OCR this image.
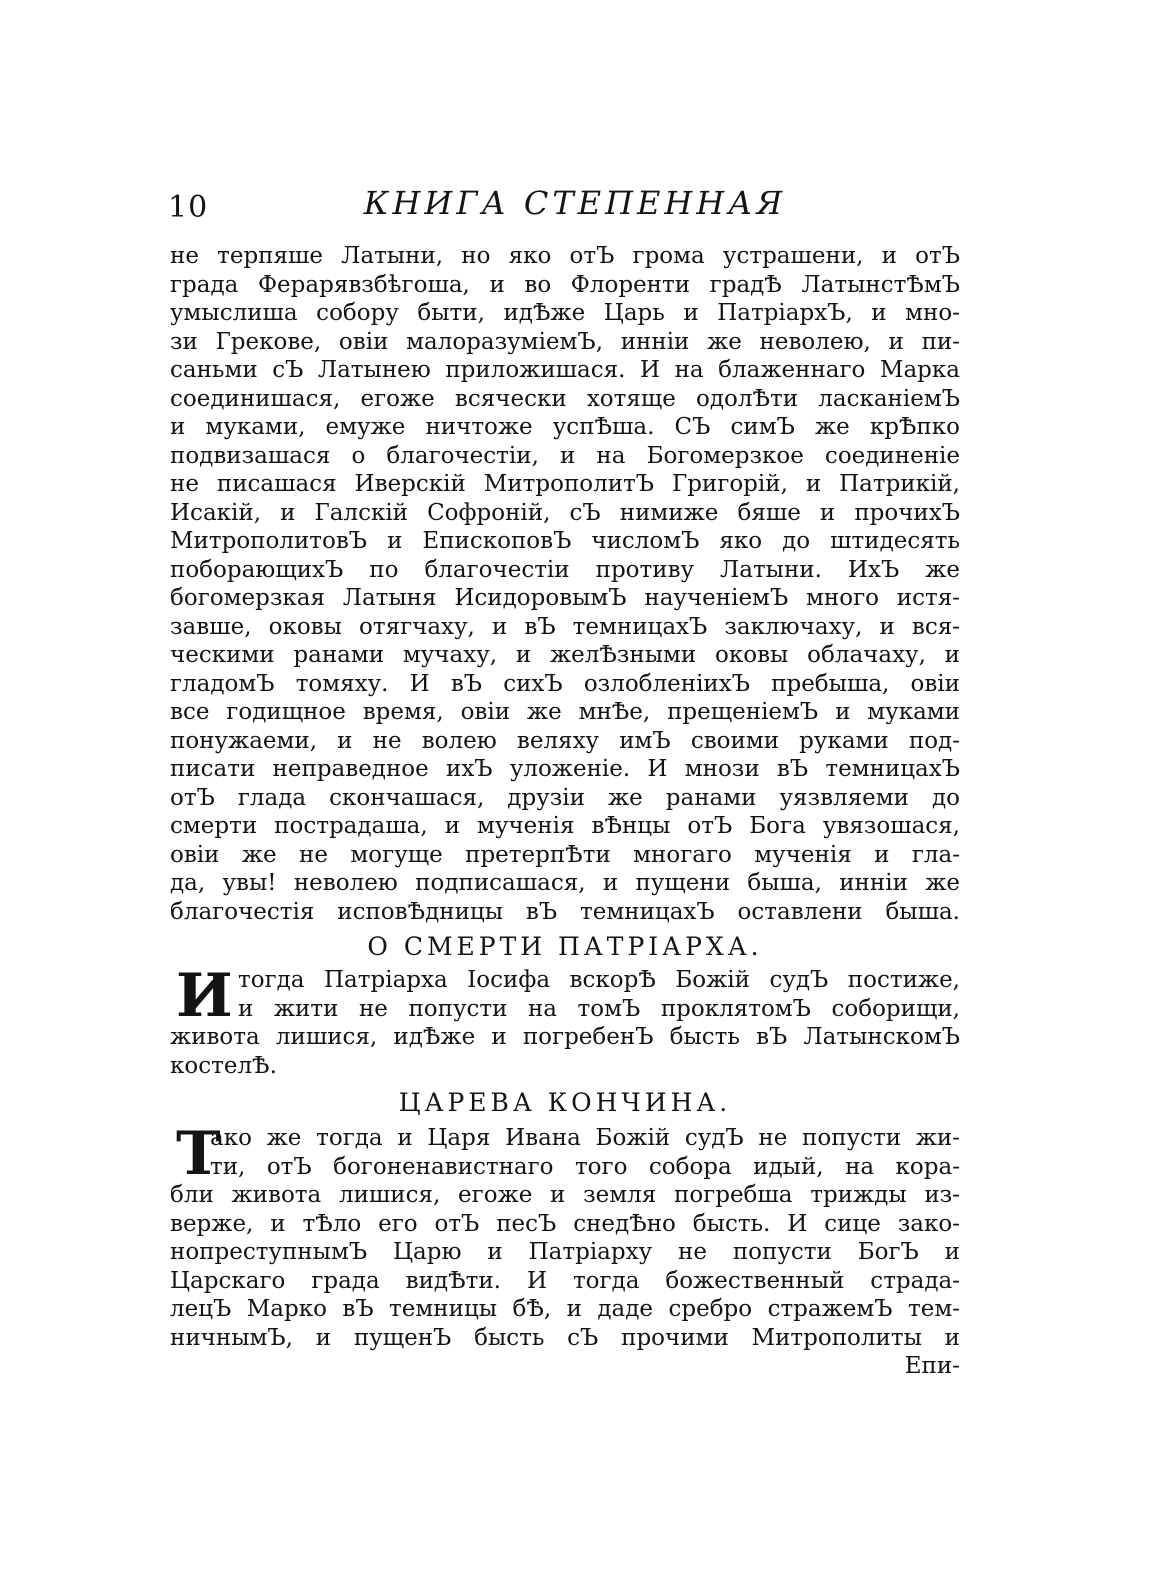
10	КНИГА СТЕПЕННАЯ
не терпяше Латыни, но яко отЪ грома устрашени, и отЪ
града Ферарявзбѣгоша, и во Флоренти градѢ ЛатынстѢмЪ
умыслиша собору быти, идѢже Царь и ПатрiархЪ, и мно-
зи Грекове, овiи малоразумiемЪ, иннiи же неволею, и пи-
саньми сЪ Латынею приложишася. И на блаженнаго Марка
соединишася, егоже всячески хотяще одолѢти ласканiемЪ
и муками, емуже ничтоже успѢша. СЪ симЪ же крѢпко
подвизашася о благочестiи, и на Богомерзкое соединенiе
не писашася Иверскiй МитрополитЪ Григорiй, и Патрикiй,
Исакiй, и Галскiй Софронiй, сЪ нимиже бяше и прочихЪ
МитрополитовЪ и ЕпископовЪ числомЪ яко до штидесять
поборающихЪ по благочестiи противу Латыни. ИхЪ же
богомерзкая Латыня ИсидоровымЪ наученiемЪ много истя-
завше, оковы отягчаху, и вЪ темницахЪ заключаху, и вся-
ческими ранами мучаху, и желѢзными оковы облачаху, и
гладомЪ томяху. И вЪ сихЪ озлобленiихЪ пребыша, овiи
все годищное время, овiи же мнѢе, прещенiемЪ и муками
понужаеми, и не волею веляху имЪ своими руками под-
писати неправедное ихЪ уложенiе. И мнози вЪ темницахЪ
отЪ глада скончашася, друзiи же ранами уязвляеми до
смерти пострадаша, и мученiя вѢнцы отЪ Бога увязошася,
овiи же не могуще претерпѢти многаго мученiя и гла-
да, увы! неволею подписашася, и пущени быша, иннiи же
благочестiя исповѢдницы вЪ темницахЪ оставлени быша.
О СМЕРТИ ПАТРIАРХА.
И тогда Патрiарха Iосифа вскорѢ Божiй судЪ постиже,
и жити не попусти на томЪ проклятомЪ соборищи,
живота лишися, идѢже и погребенЪ бысть вЪ ЛатынскомЪ
костелѢ.
ЦАРЕВА КОНЧИНА.
Т
ако же тогда и Царя Ивана Божiй судЪ не попусти жи-
ти, отЪ богоненавистнаго того собора идый, на кора-
бли живота лишися, егоже и земля погребша трижды из-
верже, и тѢло его отЪ песЪ снедѢно бысть. И сице зако-
нопреступнымЪ Царю и Патрiарху не попусти БогЪ и
Царскаго града видѢти. И тогда божественный страда-
лецЪ Марко вЪ темницы бѢ, и даде сребро стражемЪ тем-
ничнымЪ, и пущенЪ бысть сЪ прочими Митрополиты и
Епи-
